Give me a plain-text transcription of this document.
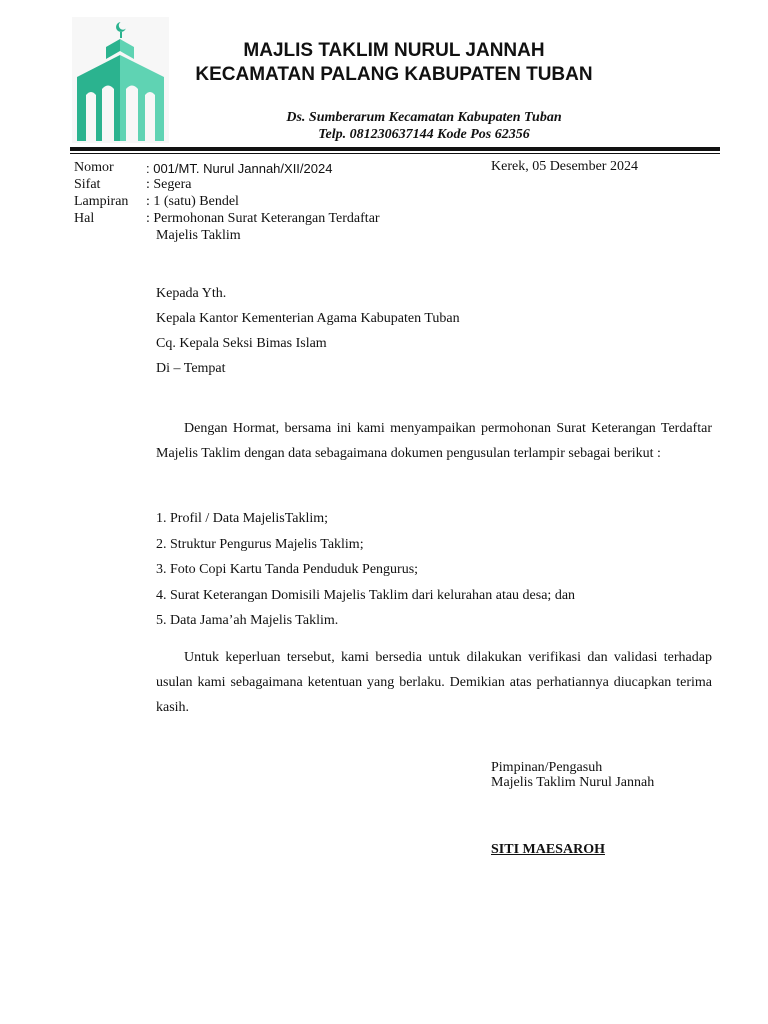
MAJLIS TAKLIM NURUL JANNAH
KECAMATAN PALANG KABUPATEN TUBAN
Ds. Sumberarum Kecamatan Kabupaten Tuban
Telp. 081230637144 Kode Pos 62356
Nomor : 001/MT. Nurul Jannah/XII/2024
Sifat	: Segera
Lampiran : 1 (satu) Bendel
Hal	: Permohonan Surat Keterangan Terdaftar
Majelis Taklim
Kerek, 05 Desember 2024
Kepada Yth.
Kepala Kantor Kementerian Agama Kabupaten Tuban
Cq. Kepala Seksi Bimas Islam
Di – Tempat
Dengan Hormat, bersama ini kami menyampaikan permohonan Surat Keterangan Terdaftar Majelis Taklim dengan data sebagaimana dokumen pengusulan terlampir sebagai berikut :
1. Profil / Data MajelisTaklim;
2. Struktur Pengurus Majelis Taklim;
3. Foto Copi Kartu Tanda Penduduk Pengurus;
4. Surat Keterangan Domisili Majelis Taklim dari kelurahan atau desa; dan
5. Data Jama’ah Majelis Taklim.
Untuk keperluan tersebut, kami bersedia untuk dilakukan verifikasi dan validasi terhadap usulan kami sebagaimana ketentuan yang berlaku. Demikian atas perhatiannya diucapkan terima kasih.
Pimpinan/Pengasuh
Majelis Taklim Nurul Jannah
SITI MAESAROH
